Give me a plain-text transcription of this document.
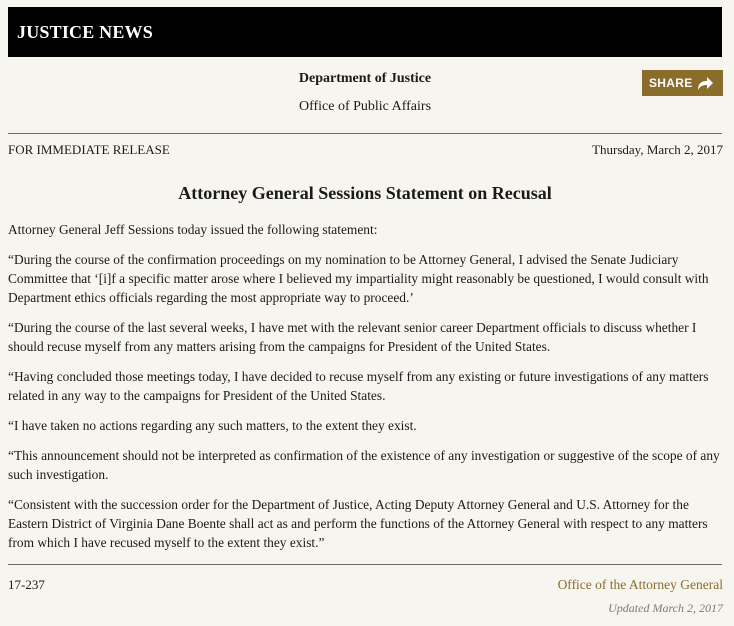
JUSTICE NEWS
Department of Justice
Office of Public Affairs
SHARE
FOR IMMEDIATE RELEASE	Thursday, March 2, 2017
Attorney General Sessions Statement on Recusal

Attorney General Jeff Sessions today issued the following statement:

“During the course of the confirmation proceedings on my nomination to be Attorney General, I advised the Senate Judiciary Committee that ‘[i]f a specific matter arose where I believed my impartiality might reasonably be questioned, I would consult with Department ethics officials regarding the most appropriate way to proceed.’

“During the course of the last several weeks, I have met with the relevant senior career Department officials to discuss whether I should recuse myself from any matters arising from the campaigns for President of the United States.

“Having concluded those meetings today, I have decided to recuse myself from any existing or future investigations of any matters related in any way to the campaigns for President of the United States.

“I have taken no actions regarding any such matters, to the extent they exist.

“This announcement should not be interpreted as confirmation of the existence of any investigation or suggestive of the scope of any such investigation.

“Consistent with the succession order for the Department of Justice, Acting Deputy Attorney General and U.S. Attorney for the Eastern District of Virginia Dane Boente shall act as and perform the functions of the Attorney General with respect to any matters from which I have recused myself to the extent they exist.”

17-237	Office of the Attorney General
Updated March 2, 2017
